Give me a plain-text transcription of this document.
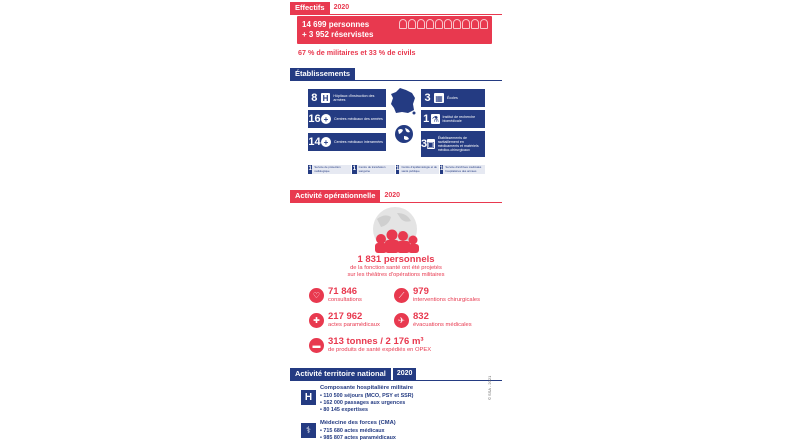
Effectifs	2020
14 699 personnes
+ 3 952 réservistes
67 % de militaires et 33 % de civils
Établissements
8 H	Hôpitaux d'instruction des armées
16 +	Centres médicaux des armées
14 +	Centres médicaux interarmées
3 ▦	Écoles
1 ⚗ Institut de recherche biomédicale
3 ▣
Établissements de ravitaillement en médicaments et matériels médico-chirurgicaux
1 Service de protection radiologique	1 Centre de transfusion sanguine	1 Centre d'épidémiologie et de santé publique	1 Service d'archives médicales hospitalières des armées
Activité opérationnelle	2020
1 831 personnels
de la fonction santé ont été projetés
sur les théâtres d'opérations militaires
♡ 71 846
consultations	⟋ 979
interventions chirurgicales
✚ 217 962
actes paramédicaux	✈ 832
évacuations médicales
▬ 313 tonnes / 2 176 m³
de produits de santé expédiés en OPEX
Activité territoire national	2020
H
Composante hospitalière militaire
• 110 500 séjours (MCO, PSY et SSR)
• 162 000 passages aux urgences
• 80 145 expertises
⚕
Médecine des forces (CMA)
• 715 680 actes médicaux
• 985 807 actes paramédicaux
© SSA - 2021
